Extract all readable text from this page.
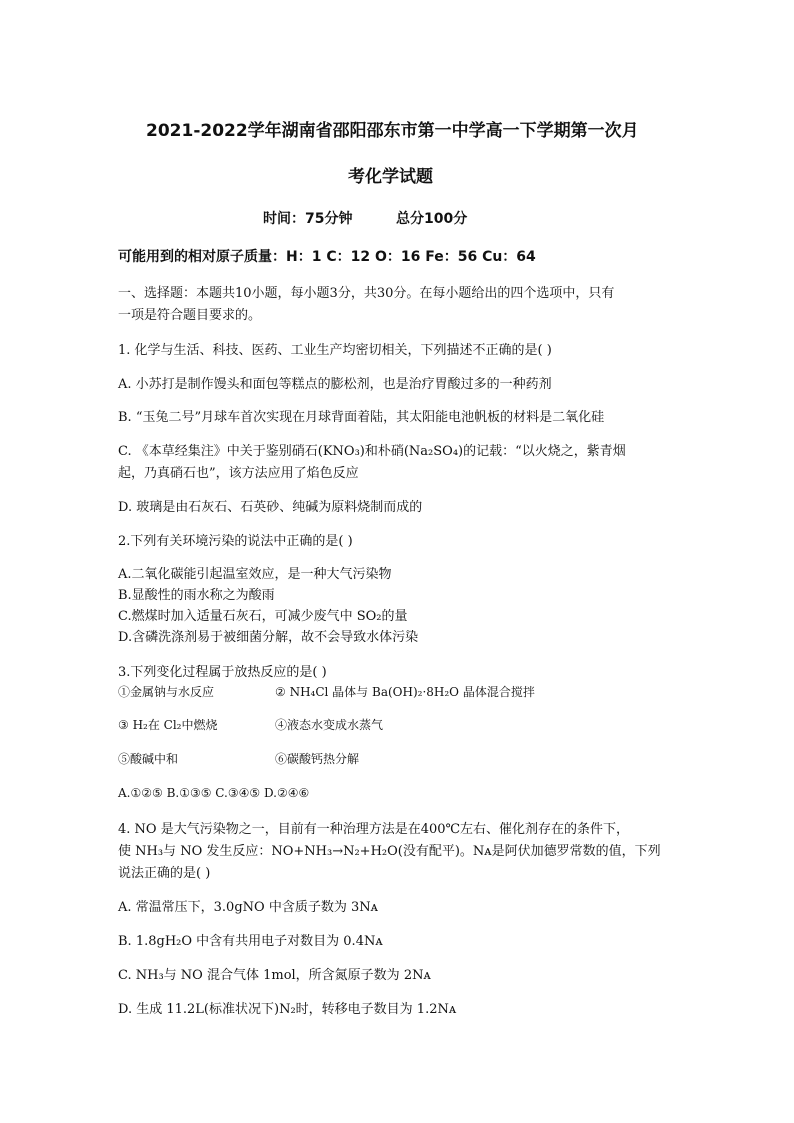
2021-2022学年湖南省邵阳邵东市第一中学高一下学期第一次月
考化学试题
时间：75分钟	总分100分
可能用到的相对原子质量：H：1 C：12 O：16 Fe：56 Cu：64
一、选择题：本题共10小题，每小题3分，共30分。在每小题给出的四个选项中，只有
一项是符合题目要求的。
1. 化学与生活、科技、医药、工业生产均密切相关，下列描述不正确的是( )
A. 小苏打是制作馒头和面包等糕点的膨松剂，也是治疗胃酸过多的一种药剂
B. “玉兔二号”月球车首次实现在月球背面着陆，其太阳能电池帆板的材料是二氧化硅
C. 《本草经集注》中关于鉴别硝石(KNO₃)和朴硝(Na₂SO₄)的记载：“以火烧之，紫青烟
起，乃真硝石也”，该方法应用了焰色反应
D. 玻璃是由石灰石、石英砂、纯碱为原料烧制而成的
2.下列有关环境污染的说法中正确的是( )
A.二氧化碳能引起温室效应，是一种大气污染物
B.显酸性的雨水称之为酸雨
C.燃煤时加入适量石灰石，可减少废气中 SO₂的量
D.含磷洗涤剂易于被细菌分解，故不会导致水体污染
3.下列变化过程属于放热反应的是( )
①金属钠与水反应	② NH₄Cl 晶体与 Ba(OH)₂·8H₂O 晶体混合搅拌
③ H₂在 Cl₂中燃烧	④液态水变成水蒸气
⑤酸碱中和	⑥碳酸钙热分解
A.①②⑤ B.①③⑤ C.③④⑤ D.②④⑥
4. NO 是大气污染物之一，目前有一种治理方法是在400℃左右、催化剂存在的条件下，
使 NH₃与 NO 发生反应：NO+NH₃→N₂+H₂O(没有配平)。Nᴀ是阿伏加德罗常数的值，下列
说法正确的是( )
A. 常温常压下，3.0gNO 中含质子数为 3Nᴀ
B. 1.8gH₂O 中含有共用电子对数目为 0.4Nᴀ
C. NH₃与 NO 混合气体 1mol，所含氮原子数为 2Nᴀ
D. 生成 11.2L(标准状况下)N₂时，转移电子数目为 1.2Nᴀ
